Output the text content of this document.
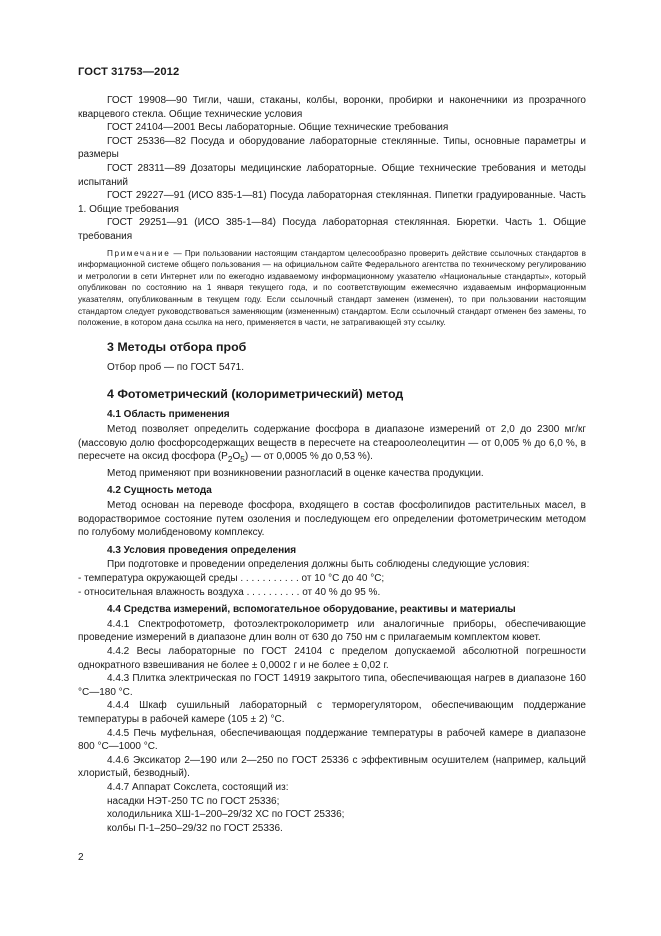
ГОСТ 31753—2012

ГОСТ 19908—90 Тигли, чаши, стаканы, колбы, воронки, пробирки и наконечники из прозрачного кварцевого стекла. Общие технические условия

ГОСТ 24104—2001 Весы лабораторные. Общие технические требования

ГОСТ 25336—82 Посуда и оборудование лабораторные стеклянные. Типы, основные параметры и размеры

ГОСТ 28311—89 Дозаторы медицинские лабораторные. Общие технические требования и методы испытаний

ГОСТ 29227—91 (ИСО 835-1—81) Посуда лабораторная стеклянная. Пипетки градуированные. Часть 1. Общие требования

ГОСТ 29251—91 (ИСО 385-1—84) Посуда лабораторная стеклянная. Бюретки. Часть 1. Общие требования

Примечание — При пользовании настоящим стандартом целесообразно проверить действие ссылочных стандартов в информационной системе общего пользования — на официальном сайте Федерального агентства по техническому регулированию и метрологии в сети Интернет или по ежегодно издаваемому информационному указателю «Национальные стандарты», который опубликован по состоянию на 1 января текущего года, и по соответствующим ежемесячно издаваемым информационным указателям, опубликованным в текущем году. Если ссылочный стандарт заменен (изменен), то при пользовании настоящим стандартом следует руководствоваться заменяющим (измененным) стандартом. Если ссылочный стандарт отменен без замены, то положение, в котором дана ссылка на него, применяется в части, не затрагивающей эту ссылку.

3 Методы отбора проб

Отбор проб — по ГОСТ 5471.

4 Фотометрический (колориметрический) метод
4.1 Область применения

Метод позволяет определить содержание фосфора в диапазоне измерений от 2,0 до 2300 мг/кг (массовую долю фосфорсодержащих веществ в пересчете на стеароолеолецитин — от 0,005 % до 6,0 %, в пересчете на оксид фосфора $(P_2O_5)$ — от 0,0005 % до 0,53 %).

Метод применяют при возникновении разногласий в оценке качества продукции.

4.2 Сущность метода

Метод основан на переводе фосфора, входящего в состав фосфолипидов растительных масел, в водорастворимое состояние путем озоления и последующем его определении фотометрическим методом по голубому молибденовому комплексу.

4.3 Условия проведения определения

При подготовке и проведении определения должны быть соблюдены следующие условия:

- температура окружающей среды . . . . . . . . . . . от 10 °С до 40 °С;

- относительная влажность воздуха . . . . . . . . . . от 40 % до 95 %.

4.4 Средства измерений, вспомогательное оборудование, реактивы и материалы

4.4.1 Спектрофотометр, фотоэлектроколориметр или аналогичные приборы, обеспечивающие проведение измерений в диапазоне длин волн от 630 до 750 нм с прилагаемым комплектом кювет.

4.4.2 Весы лабораторные по ГОСТ 24104 с пределом допускаемой абсолютной погрешности однократного взвешивания не более ± 0,0002 г и не более ± 0,02 г.

4.4.3 Плитка электрическая по ГОСТ 14919 закрытого типа, обеспечивающая нагрев в диапазоне 160 °С—180 °С.

4.4.4 Шкаф сушильный лабораторный с терморегулятором, обеспечивающим поддержание температуры в рабочей камере (105 ± 2) °С.

4.4.5 Печь муфельная, обеспечивающая поддержание температуры в рабочей камере в диапазоне 800 °С—1000 °С.

4.4.6 Эксикатор 2—190 или 2—250 по ГОСТ 25336 с эффективным осушителем (например, кальций хлористый, безводный).

4.4.7 Аппарат Сокслета, состоящий из:

насадки НЭТ-250 ТС по ГОСТ 25336;

холодильника ХШ-1–200–29/32 ХС по ГОСТ 25336;

колбы П-1–250–29/32 по ГОСТ 25336.

2
